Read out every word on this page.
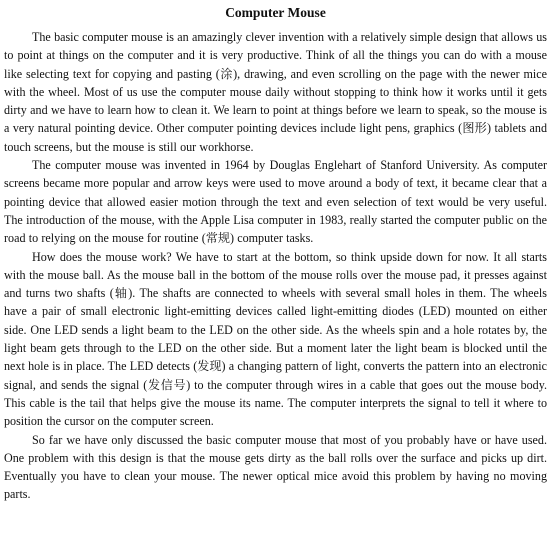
Computer Mouse

The basic computer mouse is an amazingly clever invention with a relatively simple design that allows us to point at things on the computer and it is very productive. Think of all the things you can do with a mouse like selecting text for copying and pasting (涂), drawing, and even scrolling on the page with the newer mice with the wheel. Most of us use the computer mouse daily without stopping to think how it works until it gets dirty and we have to learn how to clean it. We learn to point at things before we learn to speak, so the mouse is a very natural pointing device. Other computer pointing devices include light pens, graphics (图形) tablets and touch screens, but the mouse is still our workhorse.

The computer mouse was invented in 1964 by Douglas Englehart of Stanford University. As computer screens became more popular and arrow keys were used to move around a body of text, it became clear that a pointing device that allowed easier motion through the text and even selection of text would be very useful. The introduction of the mouse, with the Apple Lisa computer in 1983, really started the computer public on the road to relying on the mouse for routine (常规) computer tasks.

How does the mouse work? We have to start at the bottom, so think upside down for now. It all starts with the mouse ball. As the mouse ball in the bottom of the mouse rolls over the mouse pad, it presses against and turns two shafts (轴). The shafts are connected to wheels with several small holes in them. The wheels have a pair of small electronic light-emitting devices called light-emitting diodes (LED) mounted on either side. One LED sends a light beam to the LED on the other side. As the wheels spin and a hole rotates by, the light beam gets through to the LED on the other side. But a moment later the light beam is blocked until the next hole is in place. The LED detects (发现) a changing pattern of light, converts the pattern into an electronic signal, and sends the signal (发信号) to the computer through wires in a cable that goes out the mouse body. This cable is the tail that helps give the mouse its name. The computer interprets the signal to tell it where to position the cursor on the computer screen.

So far we have only discussed the basic computer mouse that most of you probably have or have used. One problem with this design is that the mouse gets dirty as the ball rolls over the surface and picks up dirt. Eventually you have to clean your mouse. The newer optical mice avoid this problem by having no moving parts.
